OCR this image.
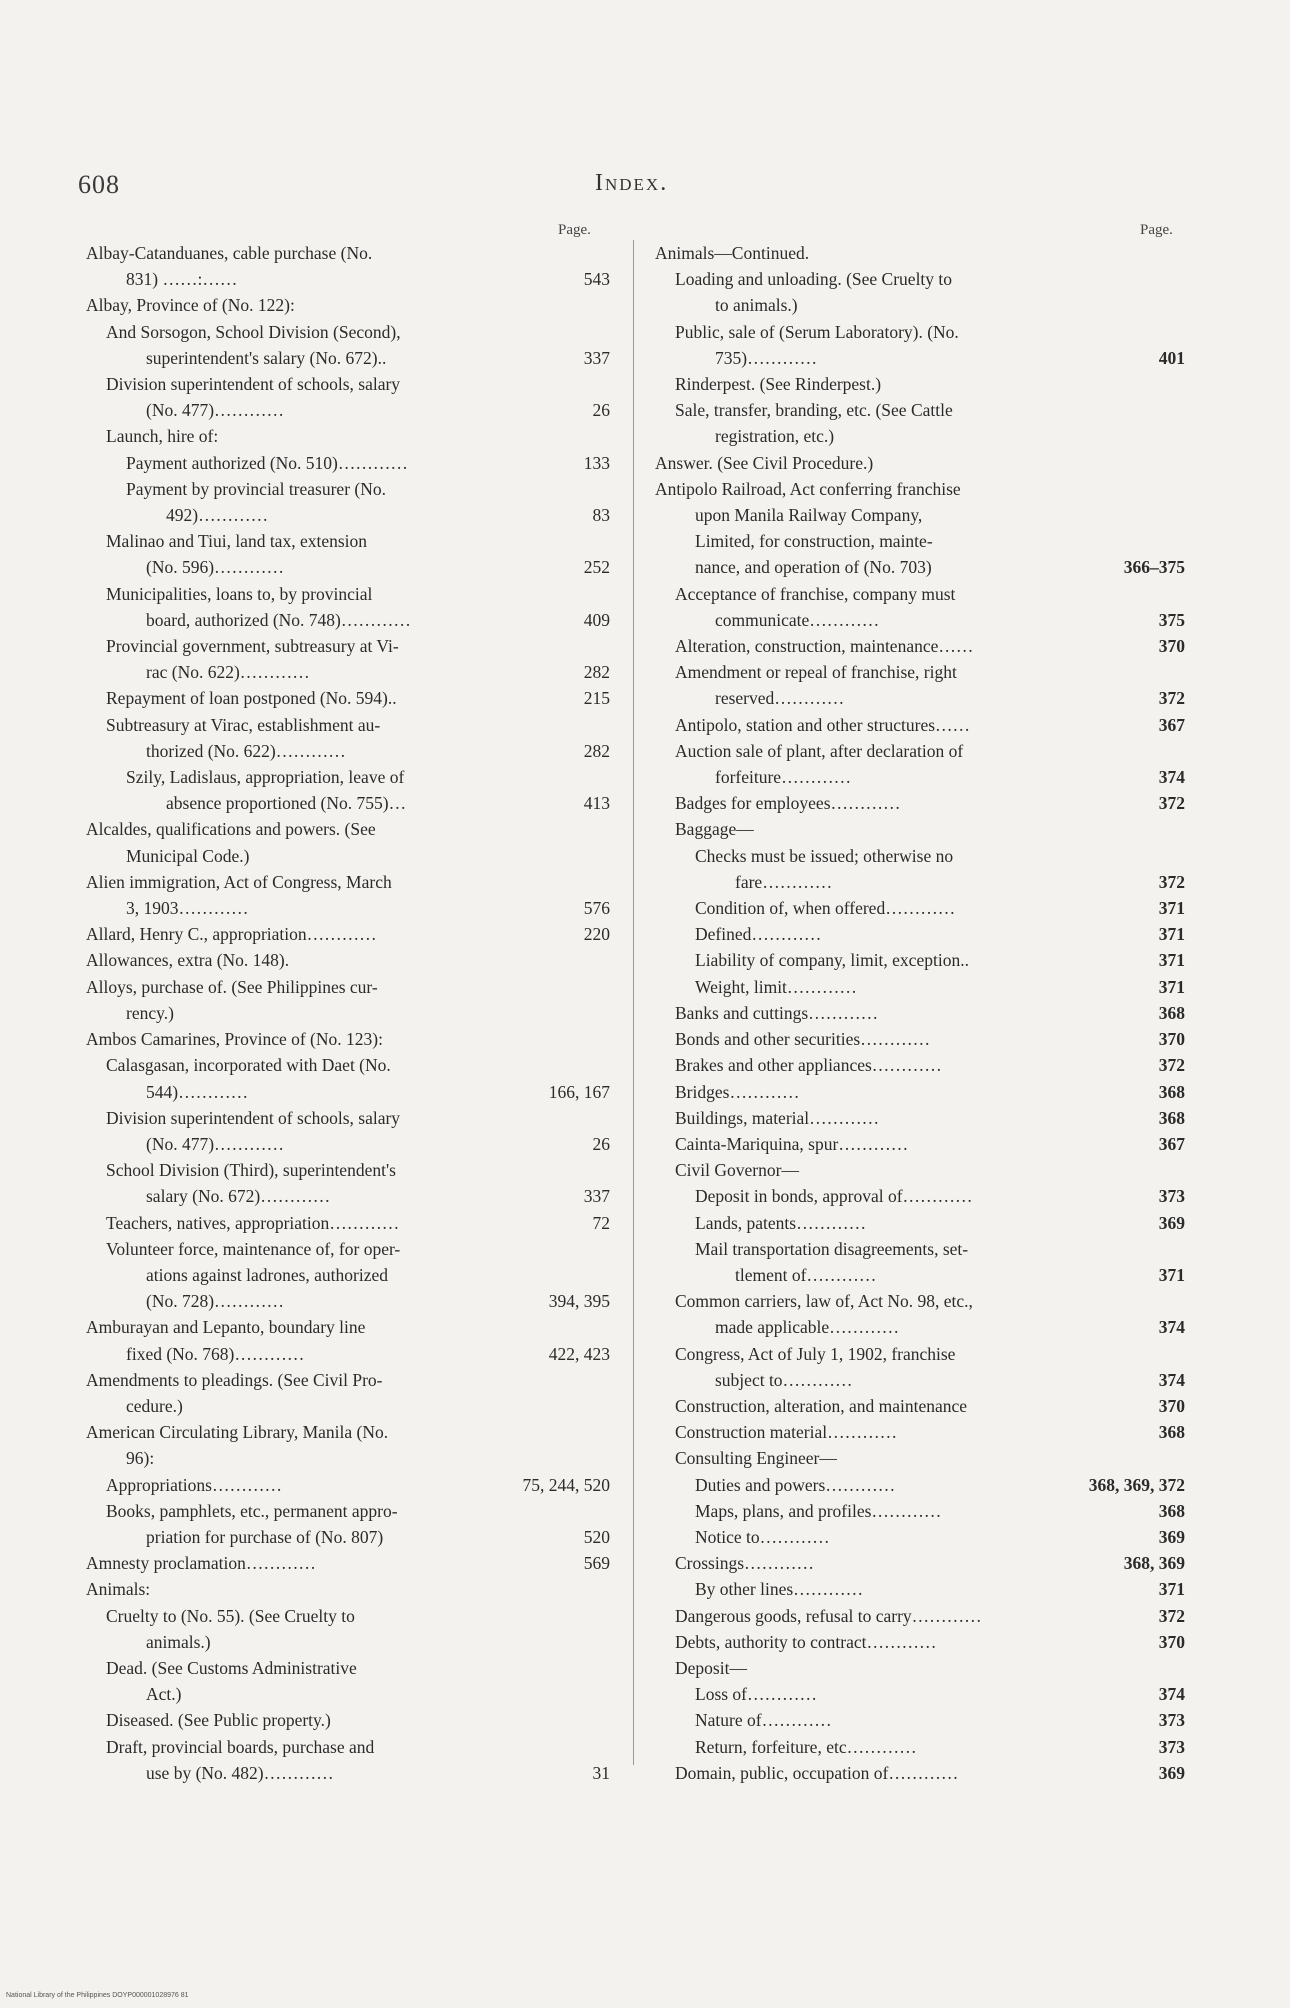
608	Index.
Page.	Page.
Albay-Catanduanes, cable purchase (No.
831) ……:……	543
Albay, Province of (No. 122):
And Sorsogon, School Division (Second),
superintendent's salary (No. 672)..	337
Division superintendent of schools, salary
(No. 477)…………	26
Launch, hire of:
Payment authorized (No. 510)…………	133
Payment by provincial treasurer (No.
492)…………	83
Malinao and Tiui, land tax, extension
(No. 596)…………	252
Municipalities, loans to, by provincial
board, authorized (No. 748)…………	409
Provincial government, subtreasury at Vi-
rac (No. 622)…………	282
Repayment of loan postponed (No. 594)..	215
Subtreasury at Virac, establishment au-
thorized (No. 622)…………	282
Szily, Ladislaus, appropriation, leave of
absence proportioned (No. 755)…	413
Alcaldes, qualifications and powers. (See
Municipal Code.)
Alien immigration, Act of Congress, March
3, 1903…………	576
Allard, Henry C., appropriation…………	220
Allowances, extra (No. 148).
Alloys, purchase of. (See Philippines cur-
rency.)
Ambos Camarines, Province of (No. 123):
Calasgasan, incorporated with Daet (No.
544)…………	166, 167
Division superintendent of schools, salary
(No. 477)…………	26
School Division (Third), superintendent's
salary (No. 672)…………	337
Teachers, natives, appropriation…………	72
Volunteer force, maintenance of, for oper-
ations against ladrones, authorized
(No. 728)…………	394, 395
Amburayan and Lepanto, boundary line
fixed (No. 768)…………	422, 423
Amendments to pleadings. (See Civil Pro-
cedure.)
American Circulating Library, Manila (No.
96):
Appropriations…………	75, 244, 520
Books, pamphlets, etc., permanent appro-
priation for purchase of (No. 807)	520
Amnesty proclamation…………	569
Animals:
Cruelty to (No. 55). (See Cruelty to
animals.)
Dead. (See Customs Administrative
Act.)
Diseased. (See Public property.)
Draft, provincial boards, purchase and
use by (No. 482)…………	31
Animals—Continued.
Loading and unloading. (See Cruelty to
to animals.)
Public, sale of (Serum Laboratory). (No.
735)…………	401
Rinderpest. (See Rinderpest.)
Sale, transfer, branding, etc. (See Cattle
registration, etc.)
Answer. (See Civil Procedure.)
Antipolo Railroad, Act conferring franchise
upon Manila Railway Company,
Limited, for construction, mainte-
nance, and operation of (No. 703)	366–375
Acceptance of franchise, company must
communicate…………	375
Alteration, construction, maintenance……	370
Amendment or repeal of franchise, right
reserved…………	372
Antipolo, station and other structures……	367
Auction sale of plant, after declaration of
forfeiture…………	374
Badges for employees…………	372
Baggage—
Checks must be issued; otherwise no
fare…………	372
Condition of, when offered…………	371
Defined…………	371
Liability of company, limit, exception..	371
Weight, limit…………	371
Banks and cuttings…………	368
Bonds and other securities…………	370
Brakes and other appliances…………	372
Bridges…………	368
Buildings, material…………	368
Cainta-Mariquina, spur…………	367
Civil Governor—
Deposit in bonds, approval of…………	373
Lands, patents…………	369
Mail transportation disagreements, set-
tlement of…………	371
Common carriers, law of, Act No. 98, etc.,
made applicable…………	374
Congress, Act of July 1, 1902, franchise
subject to…………	374
Construction, alteration, and maintenance	370
Construction material…………	368
Consulting Engineer—
Duties and powers…………	368, 369, 372
Maps, plans, and profiles…………	368
Notice to…………	369
Crossings…………	368, 369
By other lines…………	371
Dangerous goods, refusal to carry…………	372
Debts, authority to contract…………	370
Deposit—
Loss of…………	374
Nature of…………	373
Return, forfeiture, etc…………	373
Domain, public, occupation of…………	369
National Library of the Philippines DOYP000001028976 81
